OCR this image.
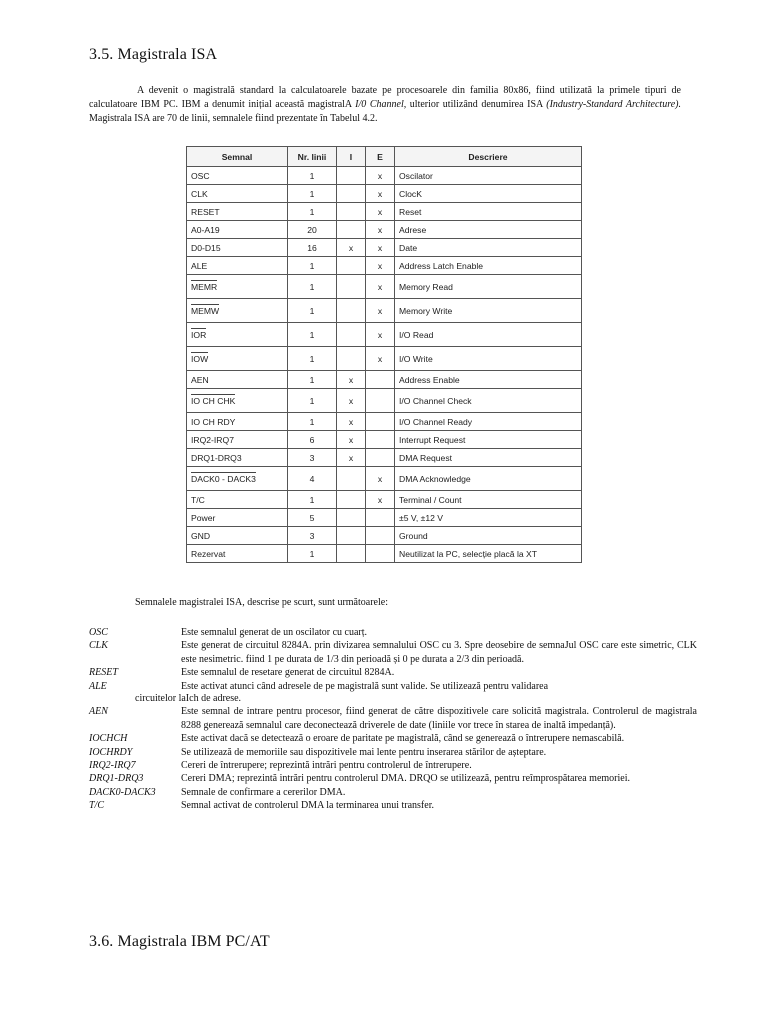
3.5. Magistrala ISA

A devenit o magistrală standard la calculatoarele bazate pe procesoarele din familia 80x86, fiind utilizată la primele tipuri de calculatoare IBM PC. IBM a denumit inițial această magistralA I/0 Channel, ulterior utilizând denumirea ISA (Industry-Standard Architecture). Magistrala ISA are 70 de linii, semnalele fiind prezentate în Tabelul 4.2.

Semnal	Nr. linii	I	E	Descriere
OSC	1		x	Oscilator
CLK	1		x	ClocK
RESET	1		x	Reset
A0-A19	20		x	Adrese
D0-D15	16	x	x	Date
ALE	1		x	Address Latch Enable
MEMR	1		x	Memory Read
MEMW	1		x	Memory Write
IOR	1		x	I/O Read
IOW	1		x	I/O Write
AEN	1	x		Address Enable
IO CH CHK	1	x		I/O Channel Check
IO CH RDY	1	x		I/O Channel Ready
IRQ2-IRQ7	6	x		Interrupt Request
DRQ1-DRQ3	3	x		DMA Request
DACK0 - DACK3	4		x	DMA Acknowledge
T/C	1		x	Terminal / Count
Power	5			±5 V, ±12 V
GND	3			Ground
Rezervat	1			Neutilizat la PC, selecție placă la XT

Semnalele magistralei ISA, descrise pe scurt, sunt următoarele:

OSC	Este semnalul generat de un oscilator cu cuarț.
CLK	Este generat de circuitul 8284A. prin divizarea semnalului OSC cu 3. Spre deosebire de semnaJul OSC care este simetric, CLK este nesimetric. fiind 1 pe durata de 1/3 din perioadă și 0 pe durata a 2/3 din perioadă.
RESET	Este semnalul de resetare generat de circuitul 8284A.
ALE	Este activat atunci când adresele de pe magistrală sunt valide. Se utilizează pentru validarea
circuitelor laIch de adrese.
AEN	Este semnal de intrare pentru procesor, fiind generat de către dispozitivele care solicită magistrala. Controlerul de magistrala 8288 generează semnalul care deconectează driverele de date (liniile vor trece în starea de inaltă impedanță).
IOCHCH	Este activat dacă se detectează o eroare de paritate pe magistrală, când se generează o întrerupere nemascabilă.
IOCHRDY	Se utilizează de memoriile sau dispozitivele mai lente pentru inserarea stărilor de așteptare.
IRQ2-IRQ7	Cereri de întrerupere; reprezintă intrări pentru controlerul de întrerupere.
DRQ1-DRQ3	Cereri DMA; reprezintă intrări pentru controlerul DMA. DRQO se utilizează, pentru reîmprospătarea memoriei.
DACK0-DACK3	Semnale de confirmare a cererilor DMA.
T/C	Semnal activat de controlerul DMA la terminarea unui transfer.
3.6. Magistrala IBM PC/AT
